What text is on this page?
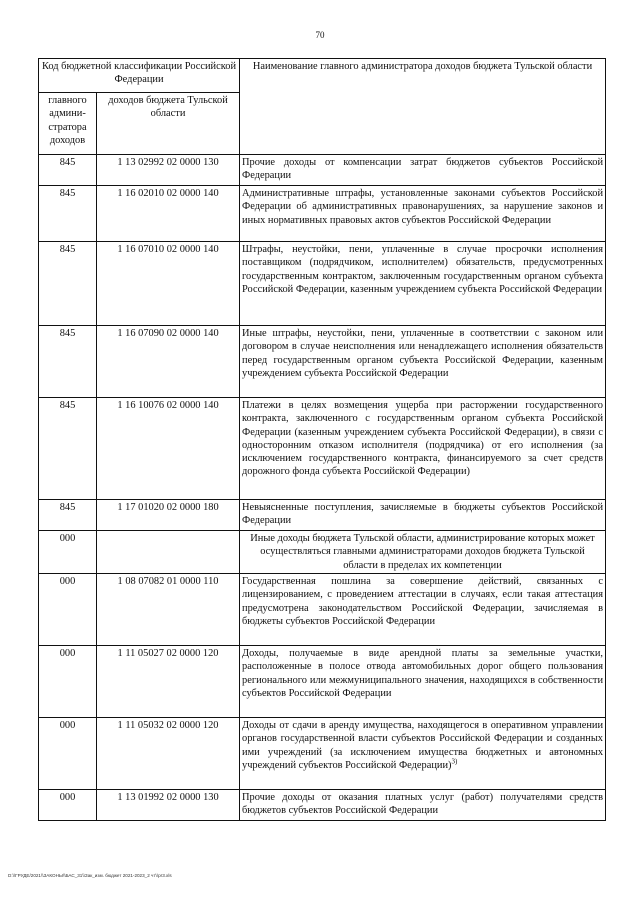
70
Код бюджетной классификации Российской Федерации		Наименование главного администратора доходов бюджета Тульской области
главного админи-стратора доходов	доходов бюджета Тульской области	
845	1 13 02992 02 0000 130	Прочие доходы от компенсации затрат бюджетов субъектов Российской Федерации
845	1 16 02010 02 0000 140	Административные штрафы, установленные законами субъектов Российской Федерации об административных правонарушениях, за нарушение законов и иных нормативных правовых актов субъектов Российской Федерации
845	1 16 07010 02 0000 140	Штрафы, неустойки, пени, уплаченные в случае просрочки исполнения поставщиком (подрядчиком, исполнителем) обязательств, предусмотренных государственным контрактом, заключенным государственным органом субъекта Российской Федерации, казенным учреждением субъекта Российской Федерации
845	1 16 07090 02 0000 140	Иные штрафы, неустойки, пени, уплаченные в соответствии с законом или договором в случае неисполнения или ненадлежащего исполнения обязательств перед государственным органом субъекта Российской Федерации, казенным учреждением субъекта Российской Федерации
845	1 16 10076 02 0000 140	Платежи в целях возмещения ущерба при расторжении государственного контракта, заключенного с государственным органом субъекта Российской Федерации (казенным учреждением субъекта Российской Федерации), в связи с односторонним отказом исполнителя (подрядчика) от его исполнения (за исключением государственного контракта, финансируемого за счет средств дорожного фонда субъекта Российской Федерации)
845	1 17 01020 02 0000 180	Невыясненные поступления, зачисляемые в бюджеты субъектов Российской Федерации
000		Иные доходы бюджета Тульской области, администрирование которых может осуществляться главными администраторами доходов бюджета Тульской области в пределах их компетенции
000	1 08 07082 01 0000 110	Государственная пошлина за совершение действий, связанных с лицензированием, с проведением аттестации в случаях, если такая аттестация предусмотрена законодательством Российской Федерации, зачисляемая в бюджеты субъектов Российской Федерации
000	1 11 05027 02 0000 120	Доходы, получаемые в виде арендной платы за земельные участки, расположенные в полосе отвода автомобильных дорог общего пользования регионального или межмуниципального значения, находящихся в собственности субъектов Российской Федерации
000	1 11 05032 02 0000 120	Доходы от сдачи в аренду имущества, находящегося в оперативном управлении органов государственной власти субъектов Российской Федерации и созданных ими учреждений (за исключением имущества бюджетных и автономных учреждений субъектов Российской Федерации)$^{3)}$
000	1 13 01992 02 0000 130	Прочие доходы от оказания платных услуг (работ) получателями средств бюджетов субъектов Российской Федерации
D:\\ГРУДЕ/2021\\ЗАКОНЫ\\БАС_31\\Зак_изм. бюджет 2021-2023_2 чт\\pr3.xls
